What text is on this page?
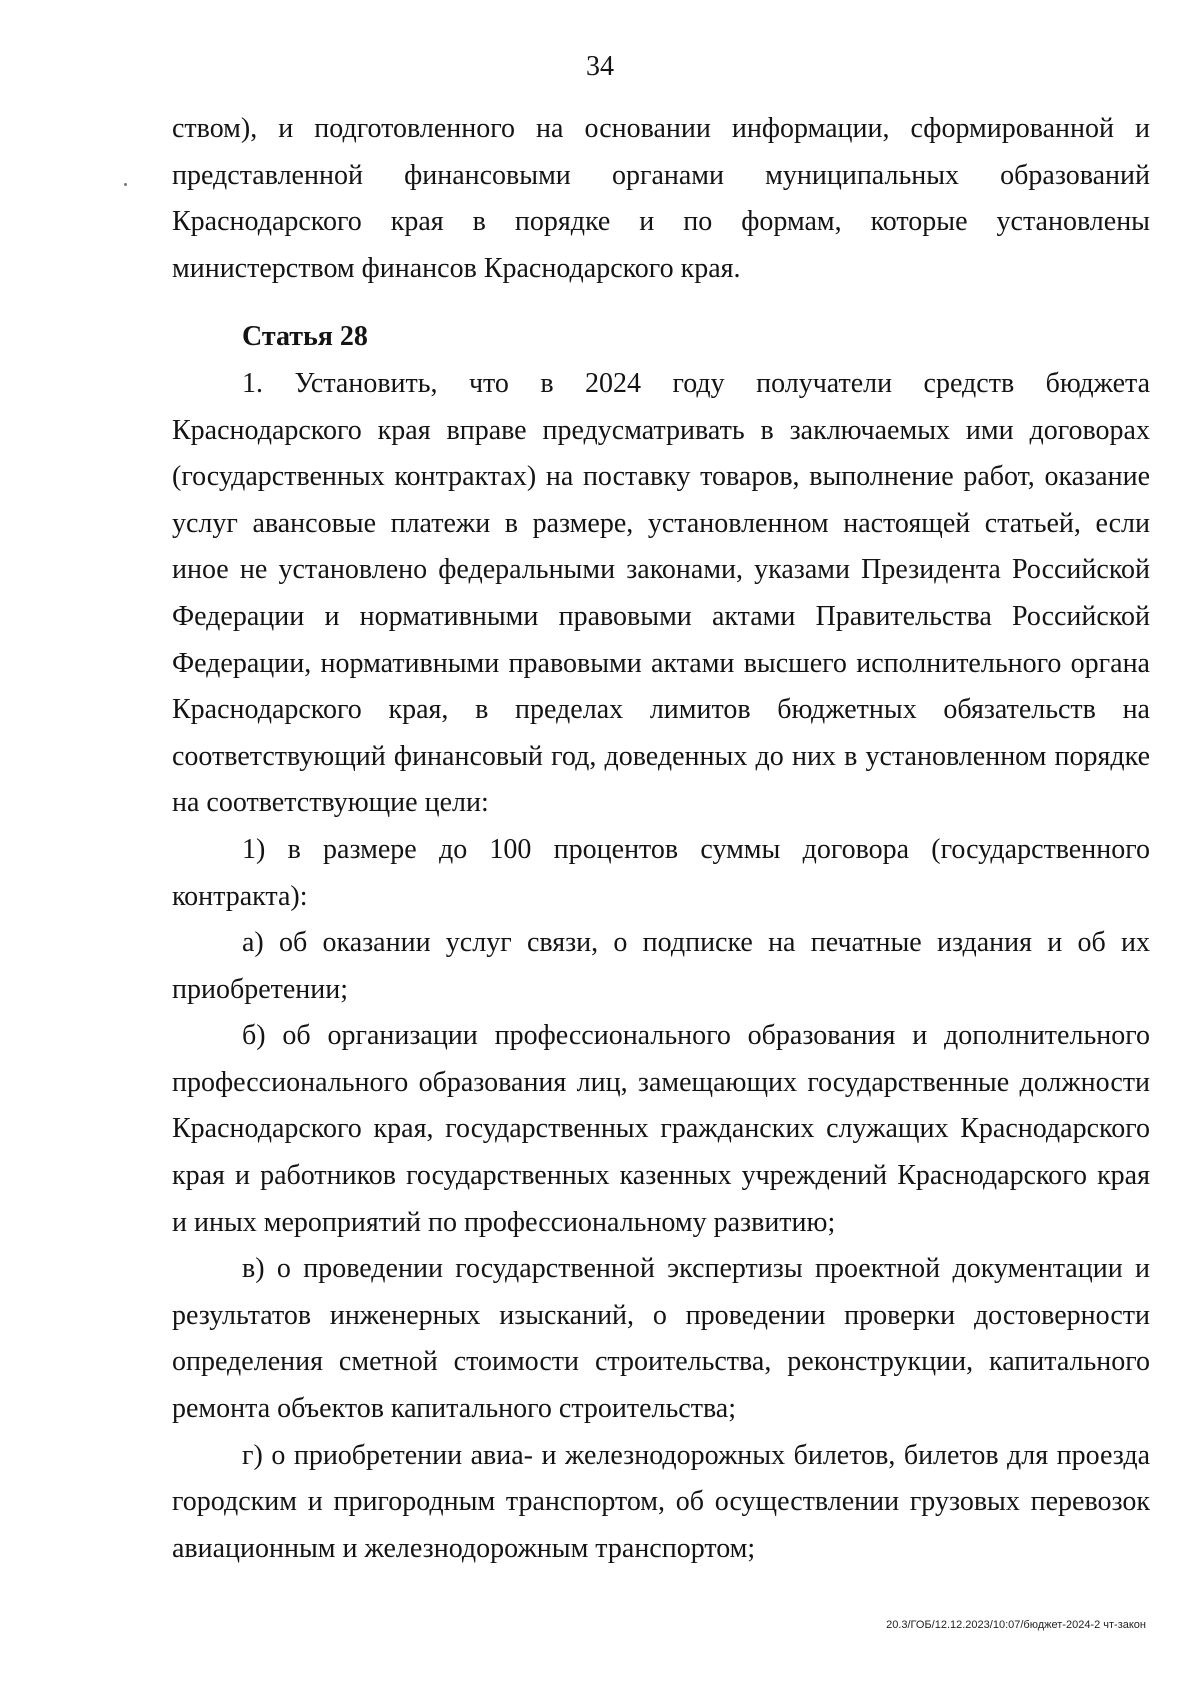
34

ством), и подготовленного на основании информации, сформированной и представленной финансовыми органами муниципальных образований Краснодарского края в порядке и по формам, которые установлены министерством финансов Краснодарского края.

Статья 28

1. Установить, что в 2024 году получатели средств бюджета Краснодарского края вправе предусматривать в заключаемых ими договорах (государственных контрактах) на поставку товаров, выполнение работ, оказание услуг авансовые платежи в размере, установленном настоящей статьей, если иное не установлено федеральными законами, указами Президента Российской Федерации и нормативными правовыми актами Правительства Российской Федерации, нормативными правовыми актами высшего исполнительного органа Краснодарского края, в пределах лимитов бюджетных обязательств на соответствующий финансовый год, доведенных до них в установленном порядке на соответствующие цели:

1) в размере до 100 процентов суммы договора (государственного контракта):

а) об оказании услуг связи, о подписке на печатные издания и об их приобретении;

б) об организации профессионального образования и дополнительного профессионального образования лиц, замещающих государственные должности Краснодарского края, государственных гражданских служащих Краснодарского края и работников государственных казенных учреждений Краснодарского края и иных мероприятий по профессиональному развитию;

в) о проведении государственной экспертизы проектной документации и результатов инженерных изысканий, о проведении проверки достоверности определения сметной стоимости строительства, реконструкции, капитального ремонта объектов капитального строительства;

г) о приобретении авиа- и железнодорожных билетов, билетов для проезда городским и пригородным транспортом, об осуществлении грузовых перевозок авиационным и железнодорожным транспортом;

20.3/ГОБ/12.12.2023/10:07/бюджет-2024-2 чт-закон
